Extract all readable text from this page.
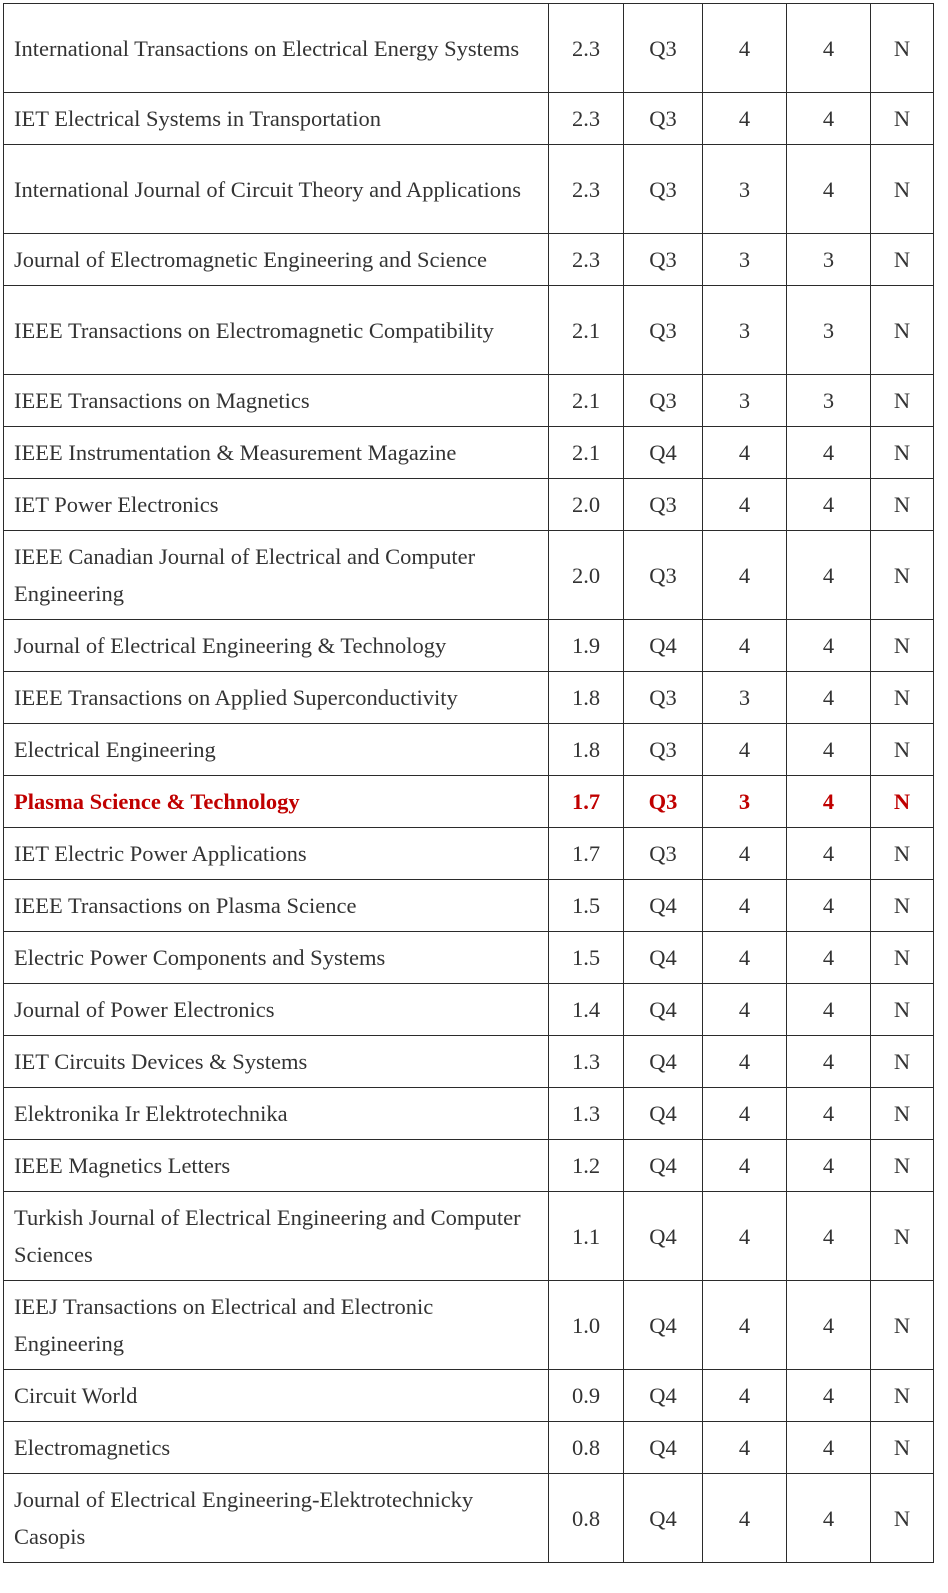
International Transactions on Electrical Energy Systems	2.3	Q3	4	4	N
IET Electrical Systems in Transportation	2.3	Q3	4	4	N
International Journal of Circuit Theory and Applications	2.3	Q3	3	4	N
Journal of Electromagnetic Engineering and Science	2.3	Q3	3	3	N
IEEE Transactions on Electromagnetic Compatibility	2.1	Q3	3	3	N
IEEE Transactions on Magnetics	2.1	Q3	3	3	N
IEEE Instrumentation & Measurement Magazine	2.1	Q4	4	4	N
IET Power Electronics	2.0	Q3	4	4	N
IEEE Canadian Journal of Electrical and Computer Engineering	2.0	Q3	4	4	N
Journal of Electrical Engineering & Technology	1.9	Q4	4	4	N
IEEE Transactions on Applied Superconductivity	1.8	Q3	3	4	N
Electrical Engineering	1.8	Q3	4	4	N
Plasma Science & Technology	1.7	Q3	3	4	N
IET Electric Power Applications	1.7	Q3	4	4	N
IEEE Transactions on Plasma Science	1.5	Q4	4	4	N
Electric Power Components and Systems	1.5	Q4	4	4	N
Journal of Power Electronics	1.4	Q4	4	4	N
IET Circuits Devices & Systems	1.3	Q4	4	4	N
Elektronika Ir Elektrotechnika	1.3	Q4	4	4	N
IEEE Magnetics Letters	1.2	Q4	4	4	N
Turkish Journal of Electrical Engineering and Computer Sciences	1.1	Q4	4	4	N
IEEJ Transactions on Electrical and Electronic Engineering	1.0	Q4	4	4	N
Circuit World	0.9	Q4	4	4	N
Electromagnetics	0.8	Q4	4	4	N
Journal of Electrical Engineering-Elektrotechnicky Casopis	0.8	Q4	4	4	N
